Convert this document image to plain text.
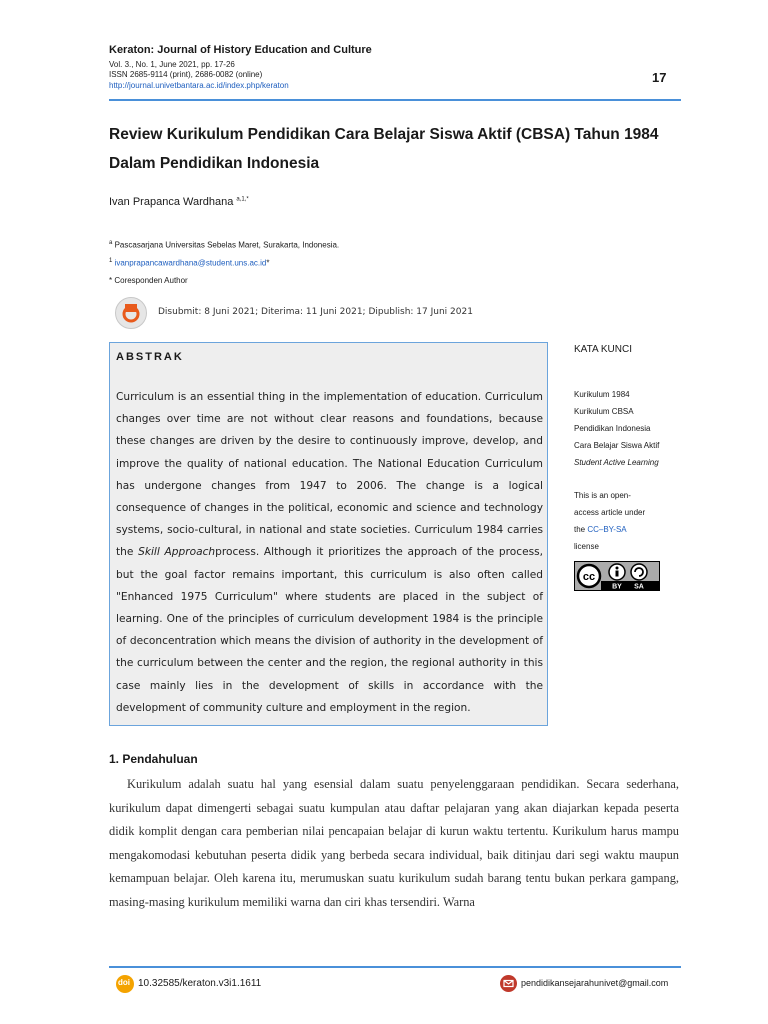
Keraton: Journal of History Education and Culture
Vol. 3., No. 1, June 2021, pp. 17-26
ISSN 2685-9114 (print), 2686-0082 (online)
http://journal.univetbantara.ac.id/index.php/keraton
17
Review Kurikulum Pendidikan Cara Belajar Siswa Aktif (CBSA) Tahun 1984 Dalam Pendidikan Indonesia
Ivan Prapanca Wardhana $^{a,1,*}$
$^a$ Pascasarjana Universitas Sebelas Maret, Surakarta, Indonesia.
$^1$ ivanprapancawardhana@student.uns.ac.id*
* Coresponden Author
Disubmit: 8 Juni 2021; Diterima: 11 Juni 2021; Dipublish: 17 Juni 2021
ABSTRAK
Curriculum is an essential thing in the implementation of education. Curriculum changes over time are not without clear reasons and foundations, because these changes are driven by the desire to continuously improve, develop, and improve the quality of national education. The National Education Curriculum has undergone changes from 1947 to 2006. The change is a logical consequence of changes in the political, economic and science and technology systems, socio-cultural, in national and state societies. Curriculum 1984 carries the Skill Approachprocess. Although it prioritizes the approach of the process, but the goal factor remains important, this curriculum is also often called "Enhanced 1975 Curriculum" where students are placed in the subject of learning. One of the principles of curriculum development 1984 is the principle of deconcentration which means the division of authority in the development of the curriculum between the center and the region, the regional authority in this case mainly lies in the development of skills in accordance with the development of community culture and employment in the region.
KATA KUNCI
Kurikulum 1984
Kurikulum CBSA
Pendidikan Indonesia
Cara Belajar Siswa Aktif
Student Active Learning
This is an open-
access article under
the CC–BY-SA
license
cc
BY SA
1. Pendahuluan
Kurikulum adalah suatu hal yang esensial dalam suatu penyelenggaraan pendidikan. Secara sederhana, kurikulum dapat dimengerti sebagai suatu kumpulan atau daftar pelajaran yang akan diajarkan kepada peserta didik komplit dengan cara pemberian nilai pencapaian belajar di kurun waktu tertentu. Kurikulum harus mampu mengakomodasi kebutuhan peserta didik yang berbeda secara individual, baik ditinjau dari segi waktu maupun kemampuan belajar. Oleh karena itu, merumuskan suatu kurikulum sudah barang tentu bukan perkara gampang, masing-masing kurikulum memiliki warna dan ciri khas tersendiri. Warna
doi 10.32585/keraton.v3i1.1611	pendidikansejarahunivet@gmail.com
